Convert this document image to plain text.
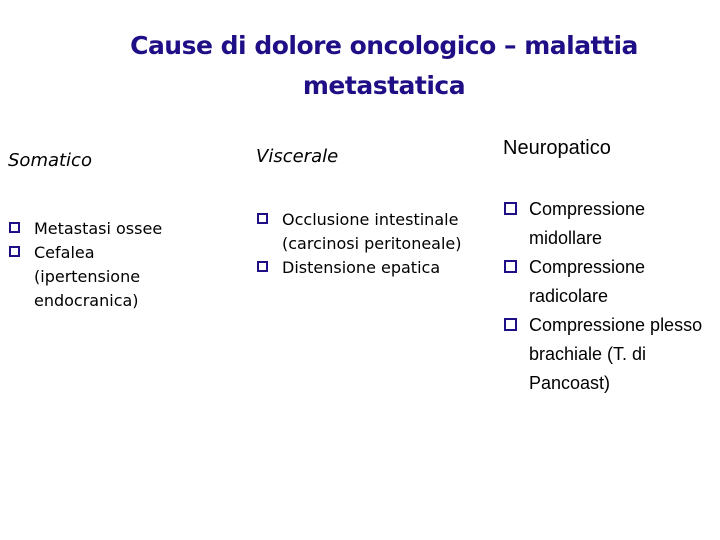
Cause di dolore oncologico – malattia
metastatica
Somatico
Metastasi ossee
Cefalea (ipertensione endocranica)
Viscerale
Occlusione intestinale (carcinosi peritoneale)
Distensione epatica
Neuropatico
Compressione midollare
Compressione radicolare
Compressione plesso brachiale (T. di Pancoast)
